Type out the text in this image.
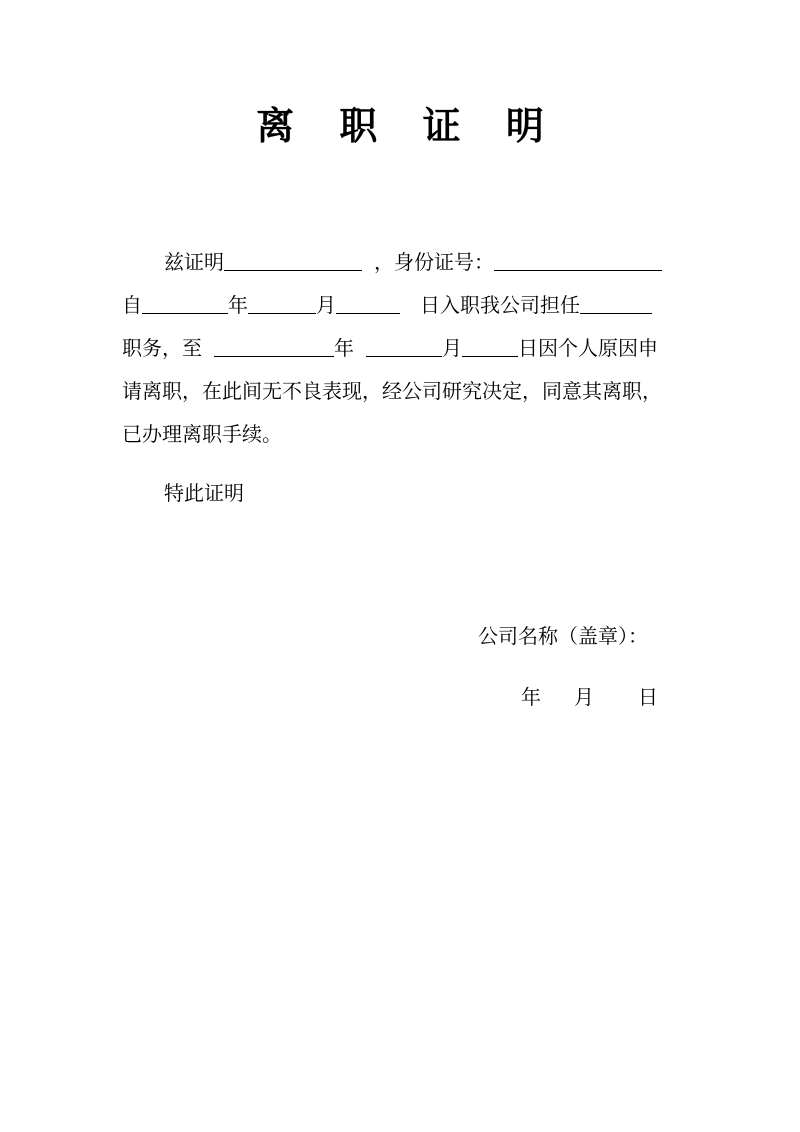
离 职 证 明
兹证明	，身份证号：
自	年	月	日入职我公司担任
职务，至	年	月	日因个人原因申
请离职，在此间无不良表现，经公司研究决定，同意其离职，
已办理离职手续。
特此证明
公司名称（盖章）：
年 月 日
